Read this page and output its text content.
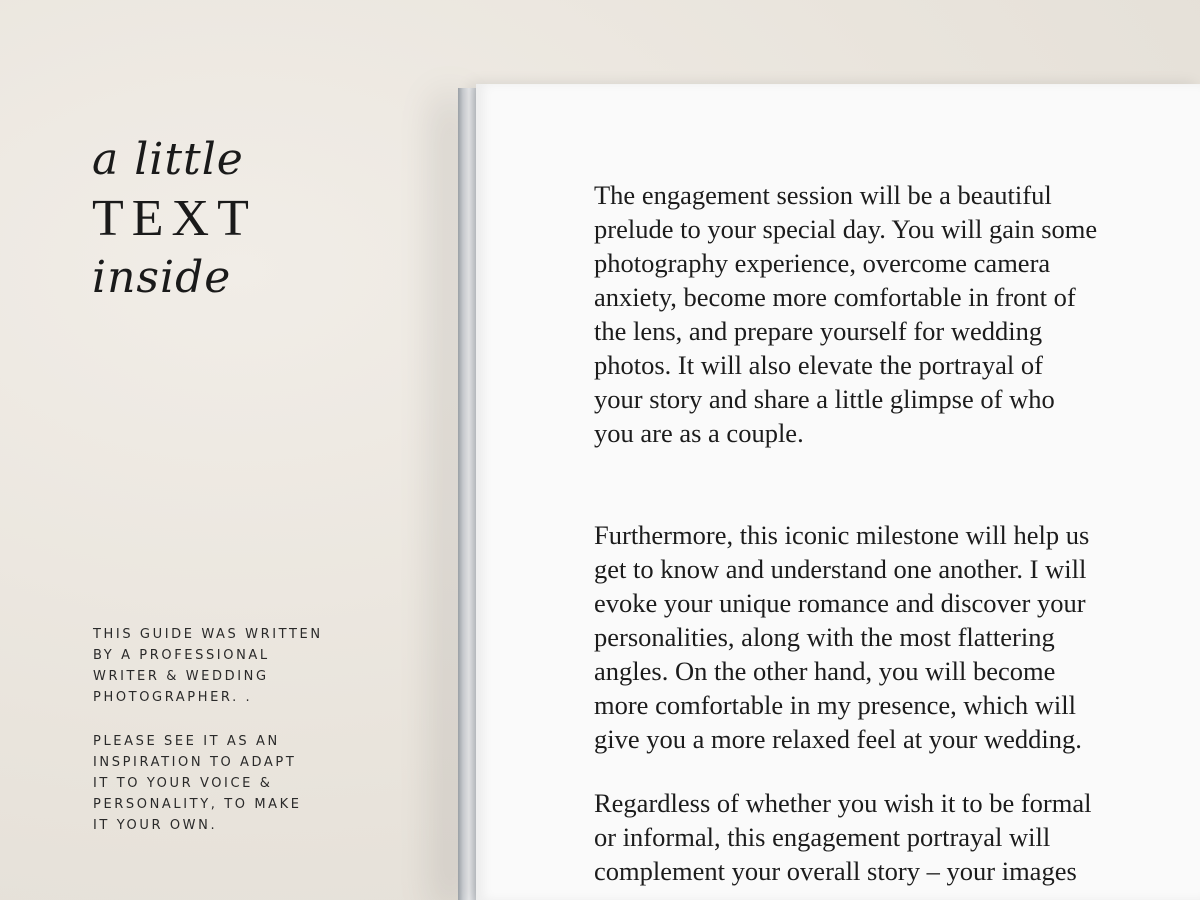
a little
TEXT
inside
THIS GUIDE WAS WRITTEN
BY A PROFESSIONAL
WRITER & WEDDING
PHOTOGRAPHER. .
PLEASE SEE IT AS AN
INSPIRATION TO ADAPT
IT TO YOUR VOICE &
PERSONALITY, TO MAKE
IT YOUR OWN.

The engagement session will be a beautiful
prelude to your special day. You will gain some
photography experience, overcome camera
anxiety, become more comfortable in front of
the lens, and prepare yourself for wedding
photos. It will also elevate the portrayal of
your story and share a little glimpse of who
you are as a couple.

Furthermore, this iconic milestone will help us
get to know and understand one another. I will
evoke your unique romance and discover your
personalities, along with the most flattering
angles. On the other hand, you will become
more comfortable in my presence, which will
give you a more relaxed feel at your wedding.

Regardless of whether you wish it to be formal
or informal, this engagement portrayal will
complement your overall story – your images
